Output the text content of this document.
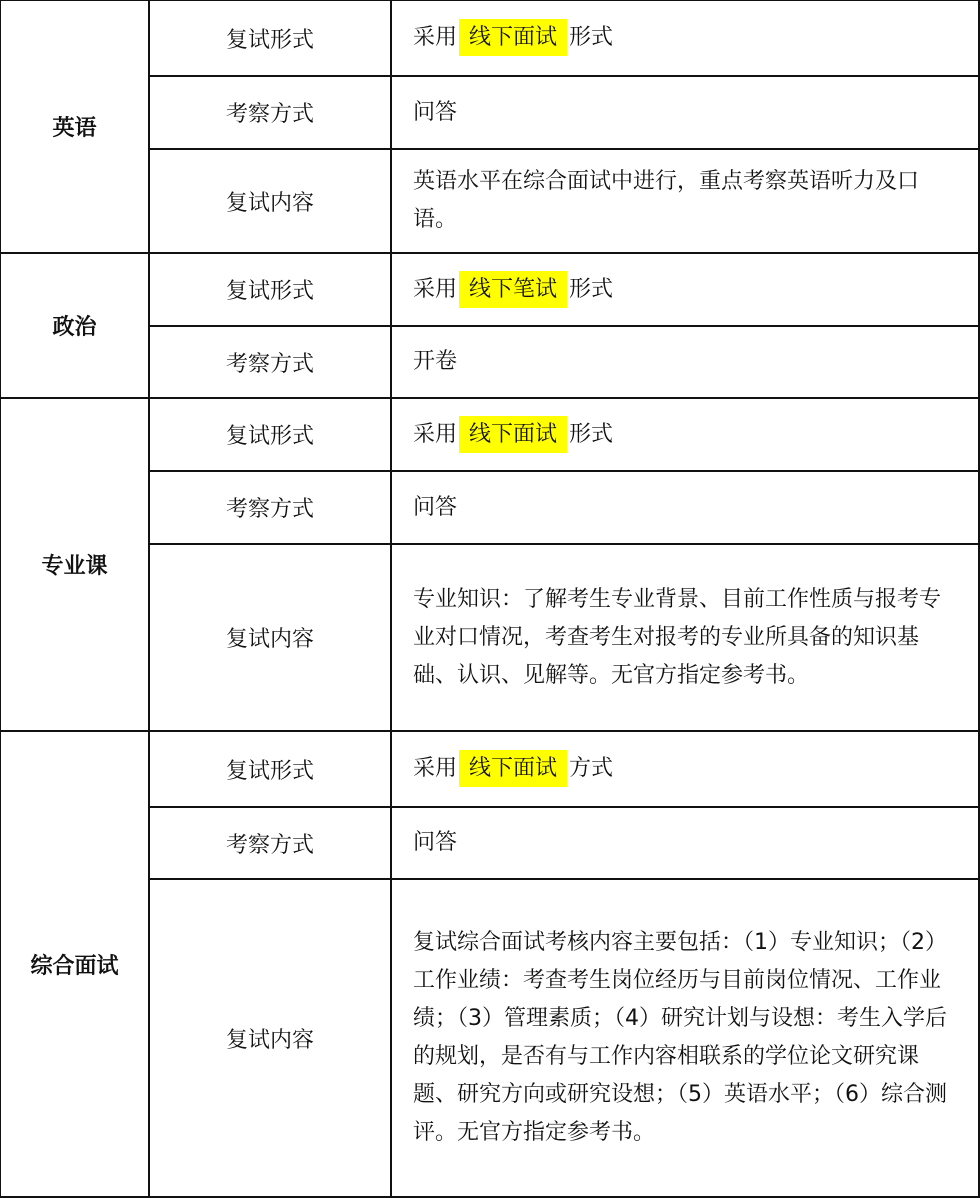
英语	复试形式	采用 线下面试 形式
	考察方式	问答
	复试内容	英语水平在综合面试中进行，重点考察英语听力及口语。
政治	复试形式	采用 线下笔试 形式
	考察方式	开卷
专业课	复试形式	采用 线下面试 形式
	考察方式	问答
	复试内容	专业知识：了解考生专业背景、目前工作性质与报考专业对口情况，考查考生对报考的专业所具备的知识基础、认识、见解等。无官方指定参考书。
综合面试	复试形式	采用 线下面试 方式
	考察方式	问答
	复试内容	复试综合面试考核内容主要包括：（1）专业知识；（2）工作业绩：考查考生岗位经历与目前岗位情况、工作业绩；（3）管理素质；（4）研究计划与设想：考生入学后的规划，是否有与工作内容相联系的学位论文研究课题、研究方向或研究设想；（5）英语水平；（6）综合测评。无官方指定参考书。
